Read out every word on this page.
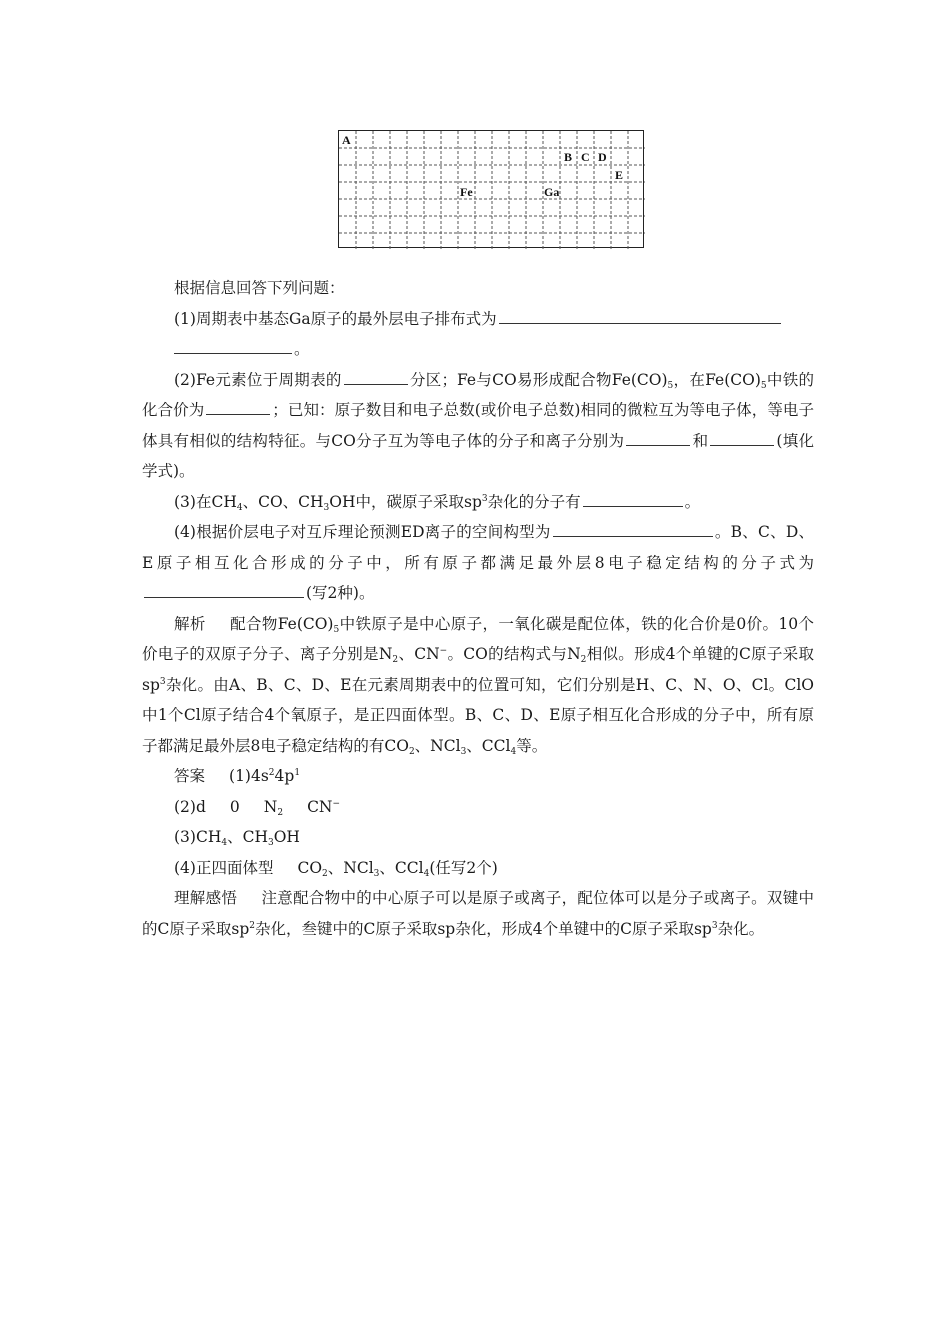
A
B C D
E
Fe	Ga

根据信息回答下列问题：

(1)周期表中基态Ga原子的最外层电子排布式为
。

(2)Fe元素位于周期表的	分区；Fe与CO易形成配合物$Fe(CO)_5$，在$Fe(CO)_5$中铁的化合价为	；已知：原子数目和电子总数(或价电子总数)相同的微粒互为等电子体，等电子体具有相似的结构特征。与CO分子互为等电子体的分子和离子分别为	和	(填化学式)。

(3)在$CH_4$、CO、$CH_3OH$中，碳原子采取$sp^3$杂化的分子有	。

(4)根据价层电子对互斥理论预测ED离子的空间构型为	。B、C、D、E原子相互化合形成的分子中，所有原子都满足最外层8电子稳定结构的分子式为(写2种)。

解析 配合物$Fe(CO)_5$中铁原子是中心原子，一氧化碳是配位体，铁的化合价是0价。10个价电子的双原子分子、离子分别是$N_2$、CN−。CO的结构式与$N_2$相似。形成4个单键的C原子采取$sp^3$杂化。由A、B、C、D、E在元素周期表中的位置可知，它们分别是H、C、N、O、Cl。ClO中1个Cl原子结合4个氧原子，是正四面体型。B、C、D、E原子相互化合形成的分子中，所有原子都满足最外层8电子稳定结构的有$CO_2$、NCl$_3$、CCl$_4$等。

答案 $(1)4s^24p^1$

(2)d 0 $N_2$ CN−

$(3)CH_4$、$CH_3OH$

(4)正四面体型 $CO_2$、NCl$_3$、CCl$_4$(任写2个)

理解感悟 注意配合物中的中心原子可以是原子或离子，配位体可以是分子或离子。双键中的C原子采取$sp^2$杂化，叁键中的C原子采取sp杂化，形成4个单键中的C原子采取$sp^3$杂化。
